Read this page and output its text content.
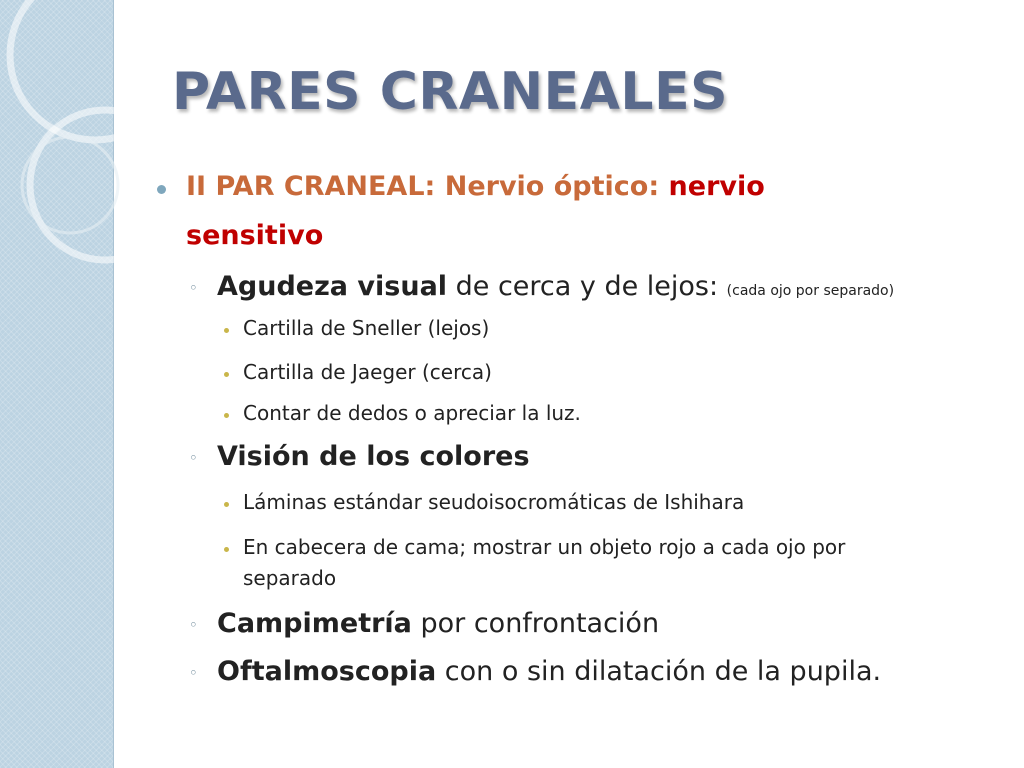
PARES CRANEALES
II PAR CRANEAL: Nervio óptico: nervio
sensitivo
◦ Agudeza visual de cerca y de lejos: (cada ojo por separado)
Cartilla de Sneller (lejos)
Cartilla de Jaeger (cerca)
Contar de dedos o apreciar la luz.
◦ Visión de los colores
Láminas estándar seudoisocromáticas de Ishihara
En cabecera de cama; mostrar un objeto rojo a cada ojo por
separado
◦ Campimetría por confrontación
◦ Oftalmoscopia con o sin dilatación de la pupila.
